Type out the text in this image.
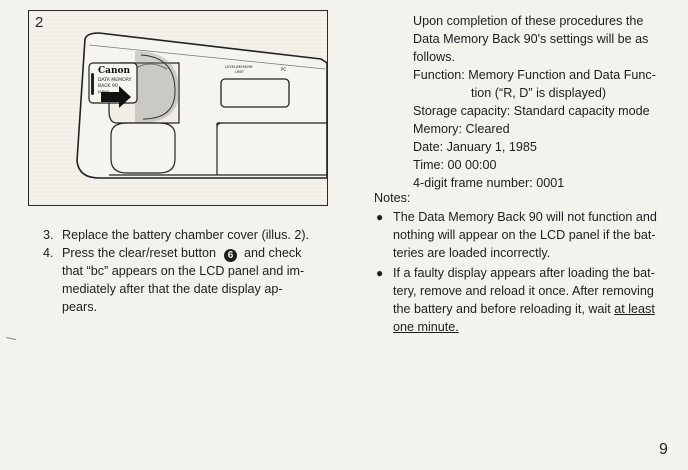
Canon
DATA MEMORY
BACK 90
JAPAN
LEVEL/MEMORY
LIMIT	PC
3. Replace the battery chamber cover (illus. 2).
4. Press the clear/reset button 6 and check
that “bc” appears on the LCD panel and im-
mediately after that the date display ap-
pears.

Upon completion of these procedures the

Data Memory Back 90's settings will be as

follows.

Function: Memory Function and Data Func-

tion (“R, D” is displayed)

Storage capacity: Standard capacity mode

Memory: Cleared

Date: January 1, 1985

Time: 00 00:00

4-digit frame number: 0001

Notes:

● The Data Memory Back 90 will not function and
nothing will appear on the LCD panel if the bat-
teries are loaded incorrectly.
● If a faulty display appears after loading the bat-
tery, remove and reload it once. After removing
the battery and before reloading it, wait at least
one minute.
9
